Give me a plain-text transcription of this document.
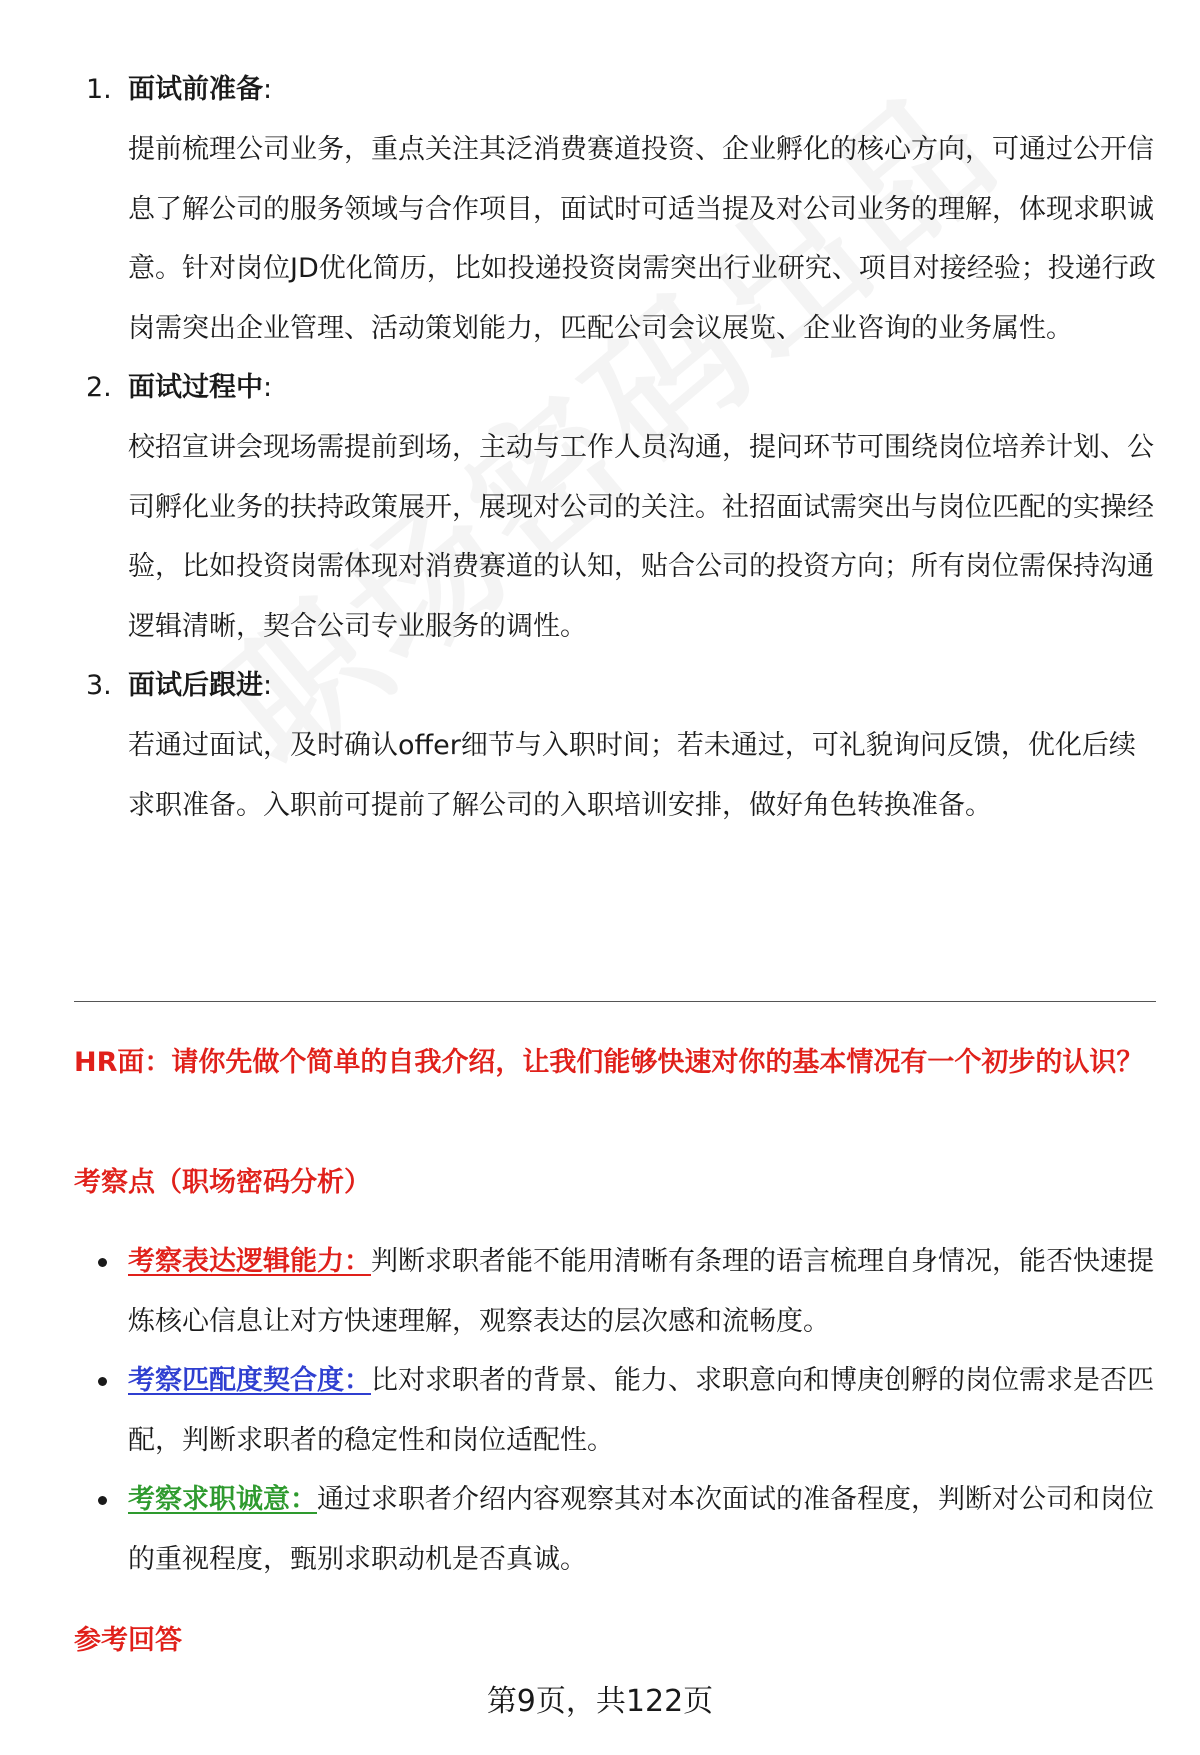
1. 面试前准备:
提前梳理公司业务，重点关注其泛消费赛道投资、企业孵化的核心方向，可通过公开信息了解公司的服务领域与合作项目，面试时可适当提及对公司业务的理解，体现求职诚意。针对岗位JD优化简历，比如投递投资岗需突出行业研究、项目对接经验；投递行政岗需突出企业管理、活动策划能力，匹配公司会议展览、企业咨询的业务属性。
2. 面试过程中:
校招宣讲会现场需提前到场，主动与工作人员沟通，提问环节可围绕岗位培养计划、公司孵化业务的扶持政策展开，展现对公司的关注。社招面试需突出与岗位匹配的实操经验，比如投资岗需体现对消费赛道的认知，贴合公司的投资方向；所有岗位需保持沟通逻辑清晰，契合公司专业服务的调性。
3. 面试后跟进:
若通过面试，及时确认offer细节与入职时间；若未通过，可礼貌询问反馈，优化后续求职准备。入职前可提前了解公司的入职培训安排，做好角色转换准备。
HR面：请你先做个简单的自我介绍，让我们能够快速对你的基本情况有一个初步的认识？
考察点（职场密码分析）
考察表达逻辑能力：判断求职者能不能用清晰有条理的语言梳理自身情况，能否快速提炼核心信息让对方快速理解，观察表达的层次感和流畅度。
考察匹配度契合度：比对求职者的背景、能力、求职意向和博庚创孵的岗位需求是否匹配，判断求职者的稳定性和岗位适配性。
考察求职诚意：通过求职者介绍内容观察其对本次面试的准备程度，判断对公司和岗位的重视程度，甄别求职动机是否真诚。
参考回答
第9页，共122页
